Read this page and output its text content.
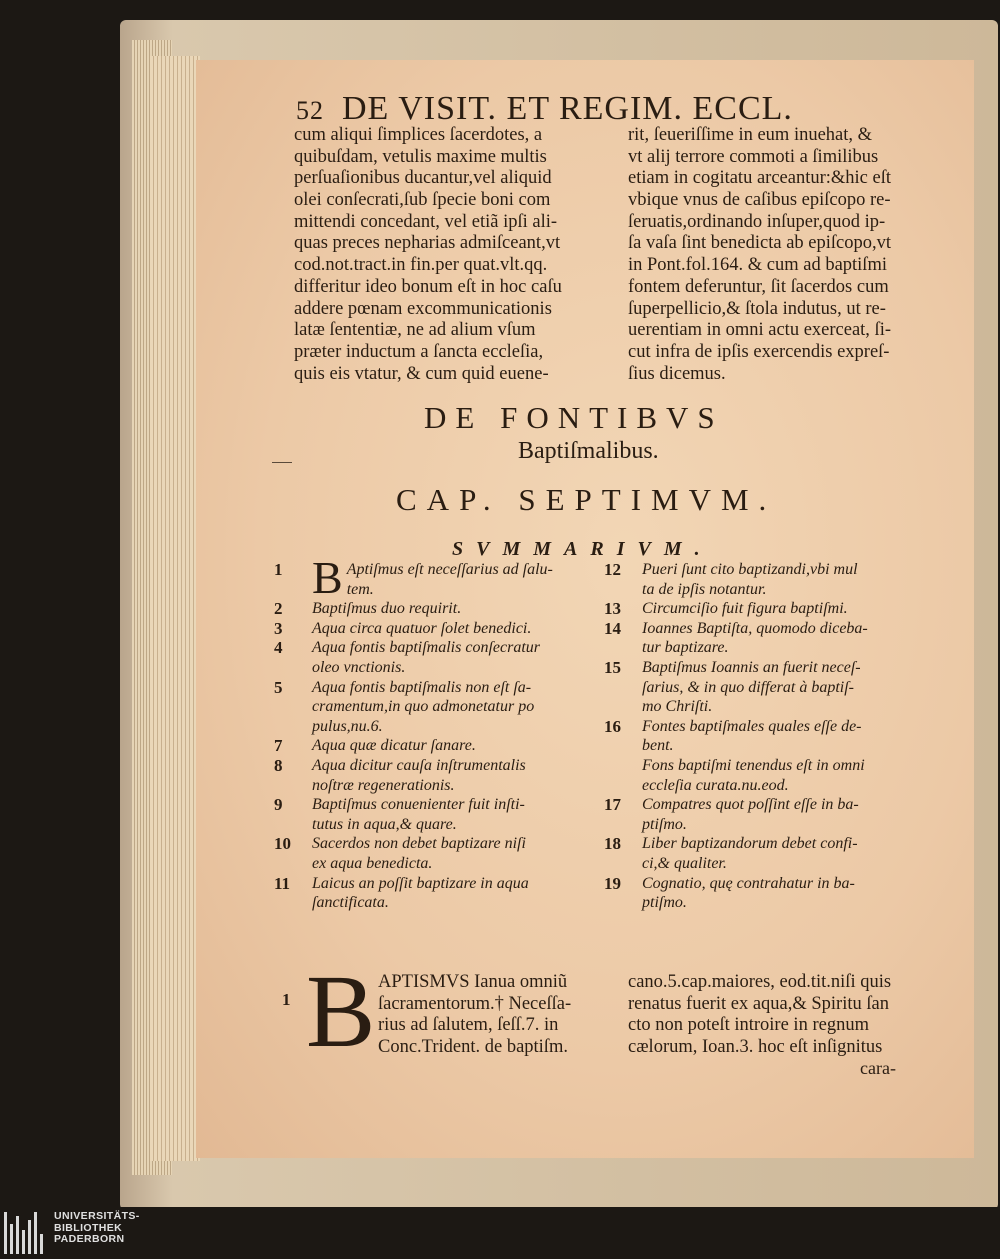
52 DE VISIT. ET REGIM. ECCL.
cum aliqui ſimplices ſacerdotes, a
quibuſdam, vetulis maxime multis
perſuaſionibus ducantur,vel aliquid
olei conſecrati,ſub ſpecie boni com
mittendi concedant, vel etiã ipſi ali-
quas preces nepharias admiſceant,vt
cod.not.tract.in fin.per quat.vlt.qq.
differitur ideo bonum eſt in hoc caſu
addere pœnam excommunicationis
latæ ſententiæ, ne ad alium vſum
præter inductum a ſancta eccleſia,
quis eis vtatur, & cum quid euene-
rit, ſeueriſſime in eum inuehat, &
vt alij terrore commoti a ſimilibus
etiam in cogitatu arceantur:&hic eſt
vbique vnus de caſibus epiſcopo re-
ſeruatis,ordinando inſuper,quod ip-
ſa vaſa ſint benedicta ab epiſcopo,vt
in Pont.fol.164. & cum ad baptiſmi
fontem deferuntur, ſit ſacerdos cum
ſuperpellicio,& ſtola indutus, ut re-
uerentiam in omni actu exerceat, ſi-
cut infra de ipſis exercendis expreſ-
ſius dicemus.
DE FONTIBVS
Baptiſmalibus.
CAP. SEPTIMVM.
SVMMARIVM.
1 B Aptiſmus eſt neceſſarius ad ſalu-
tem.
2 Baptiſmus duo requirit.
3 Aqua circa quatuor ſolet benedici.
4 Aqua fontis baptiſmalis conſecratur
oleo vnctionis.
5 Aqua fontis baptiſmalis non eſt ſa-
cramentum,in quo admonetatur po
pulus,nu.6.
7 Aqua quæ dicatur ſanare.
8 Aqua dicitur cauſa inſtrumentalis
noſtræ regenerationis.
9 Baptiſmus conuenienter fuit inſti-
tutus in aqua,& quare.
10 Sacerdos non debet baptizare niſi
ex aqua benedicta.
11 Laicus an poſſit baptizare in aqua
ſanctificata.
12 Pueri ſunt cito baptizandi,vbi mul
ta de ipſis notantur.
13 Circumciſio fuit figura baptiſmi.
14 Ioannes Baptiſta, quomodo diceba-
tur baptizare.
15 Baptiſmus Ioannis an fuerit neceſ-
ſarius, & in quo differat à baptiſ-
mo Chriſti.
16 Fontes baptiſmales quales eſſe de-
bent.
Fons baptiſmi tenendus eſt in omni
eccleſia curata.nu.eod.
17 Compatres quot poſſint eſſe in ba-
ptiſmo.
18 Liber baptizandorum debet confi-
ci,& qualiter.
19 Cognatio, quę contrahatur in ba-
ptiſmo.
1 B APTISMVS Ianua omniũ
ſacramentorum.† Neceſſa-
rius ad ſalutem, ſeſſ.7. in
Conc.Trident. de baptiſm.
cano.5.cap.maiores, eod.tit.niſi quis
renatus fuerit ex aqua,& Spiritu ſan
cto non poteſt introire in regnum
cælorum, Ioan.3. hoc eſt inſignitus
cara-
UNIVERSITÄTS-
BIBLIOTHEK
PADERBORN
